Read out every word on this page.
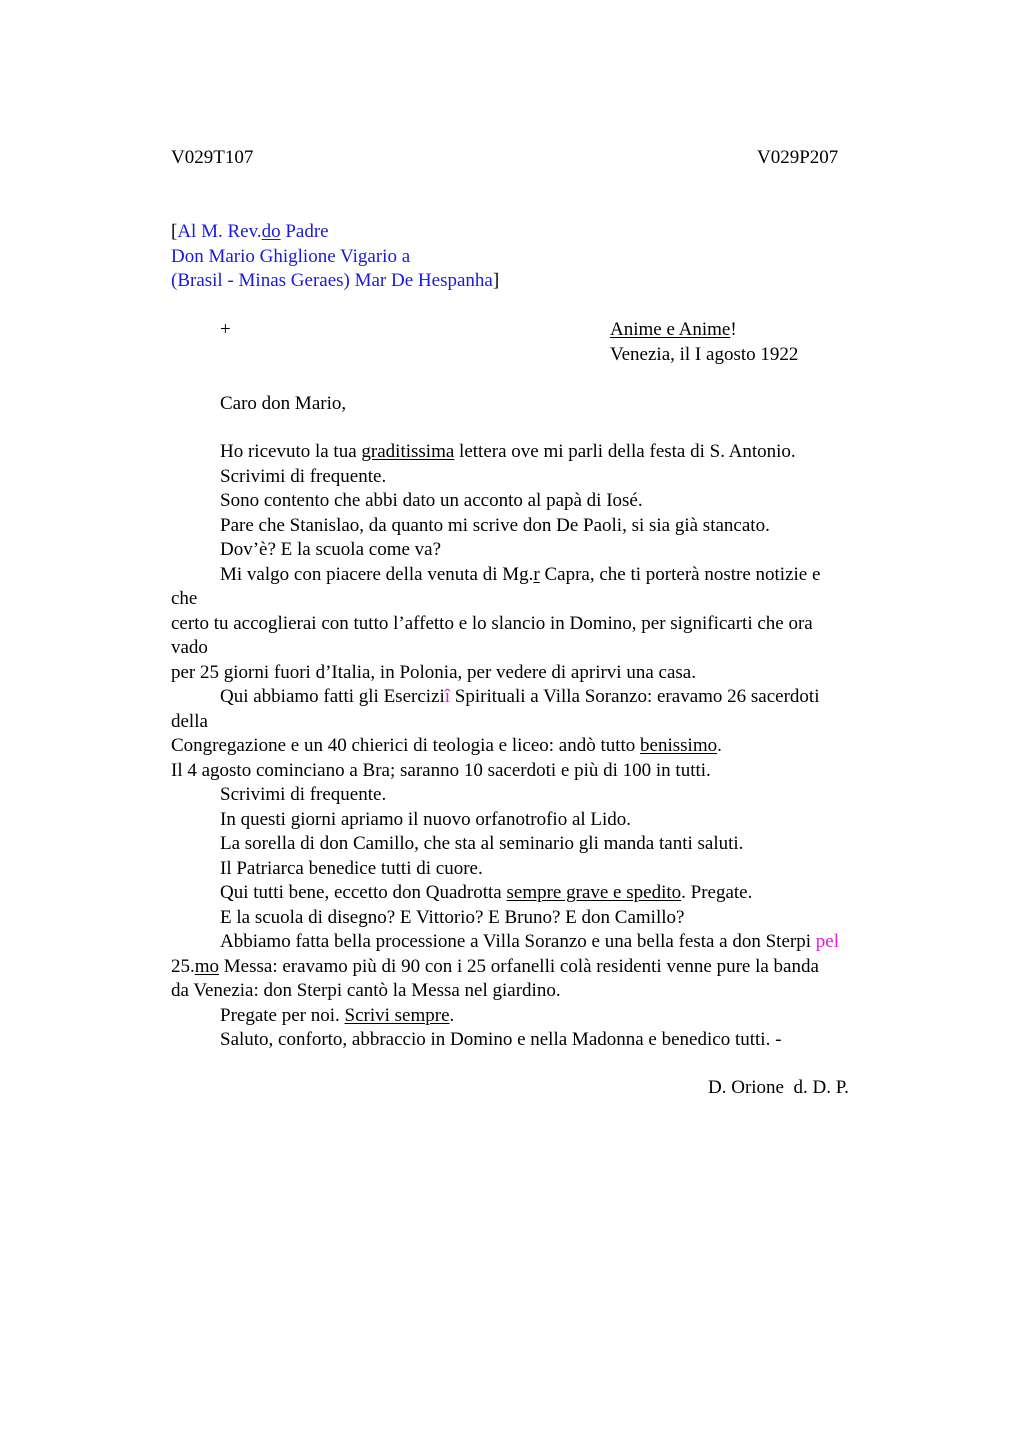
V029T107	V029P207
[Al M. Rev.do Padre
Don Mario Ghiglione Vigario a
(Brasil - Minas Geraes) Mar De Hespanha]
+	Anime e Anime!
Venezia, il I agosto 1922
Caro don Mario,
Ho ricevuto la tua graditissima lettera ove mi parli della festa di S. Antonio.
Scrivimi di frequente.
Sono contento che abbi dato un acconto al papà di Iosé.
Pare che Stanislao, da quanto mi scrive don De Paoli, si sia già stancato.
Dov’è? E la scuola come va?
Mi valgo con piacere della venuta di Mg.r Capra, che ti porterà nostre notizie e
che
certo tu accoglierai con tutto l’affetto e lo slancio in Domino, per significarti che ora
vado
per 25 giorni fuori d’Italia, in Polonia, per vedere di aprirvi una casa.
Qui abbiamo fatti gli Eserciziî Spirituali a Villa Soranzo: eravamo 26 sacerdoti
della
Congregazione e un 40 chierici di teologia e liceo: andò tutto benissimo.
Il 4 agosto cominciano a Bra; saranno 10 sacerdoti e più di 100 in tutti.
Scrivimi di frequente.
In questi giorni apriamo il nuovo orfanotrofio al Lido.
La sorella di don Camillo, che sta al seminario gli manda tanti saluti.
Il Patriarca benedice tutti di cuore.
Qui tutti bene, eccetto don Quadrotta sempre grave e spedito. Pregate.
E la scuola di disegno? E Vittorio? E Bruno? E don Camillo?
Abbiamo fatta bella processione a Villa Soranzo e una bella festa a don Sterpi pel
25.mo Messa: eravamo più di 90 con i 25 orfanelli colà residenti venne pure la banda
da Venezia: don Sterpi cantò la Messa nel giardino.
Pregate per noi. Scrivi sempre.
Saluto, conforto, abbraccio in Domino e nella Madonna e benedico tutti. -
D. Orione  d. D. P.
